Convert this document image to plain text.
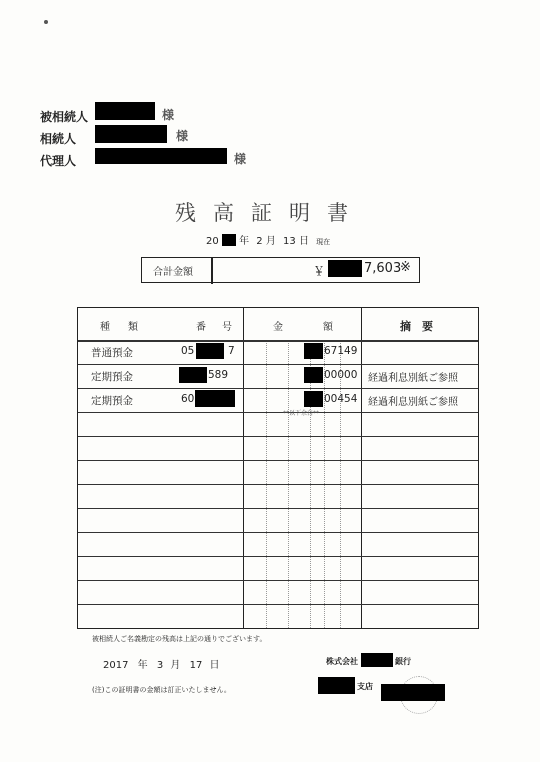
被相続人	様
相続人	様
代理人	様
残高証明書
20 年 2 月 13 日 現在
合計金額	￥	7,603
※
種　類	番　号	金　　　　額	摘　要
普通預金	05	7	67149
定期預金	589	00000 経過利息別紙ご参照
定期預金	60	00454 経過利息別紙ご参照
**以下余白**
被相続人ご名義勘定の残高は上記の通りでございます。
2017 年 3 月 17 日	株式会社	銀行
支店
(注)この証明書の金額は訂正いたしません。
